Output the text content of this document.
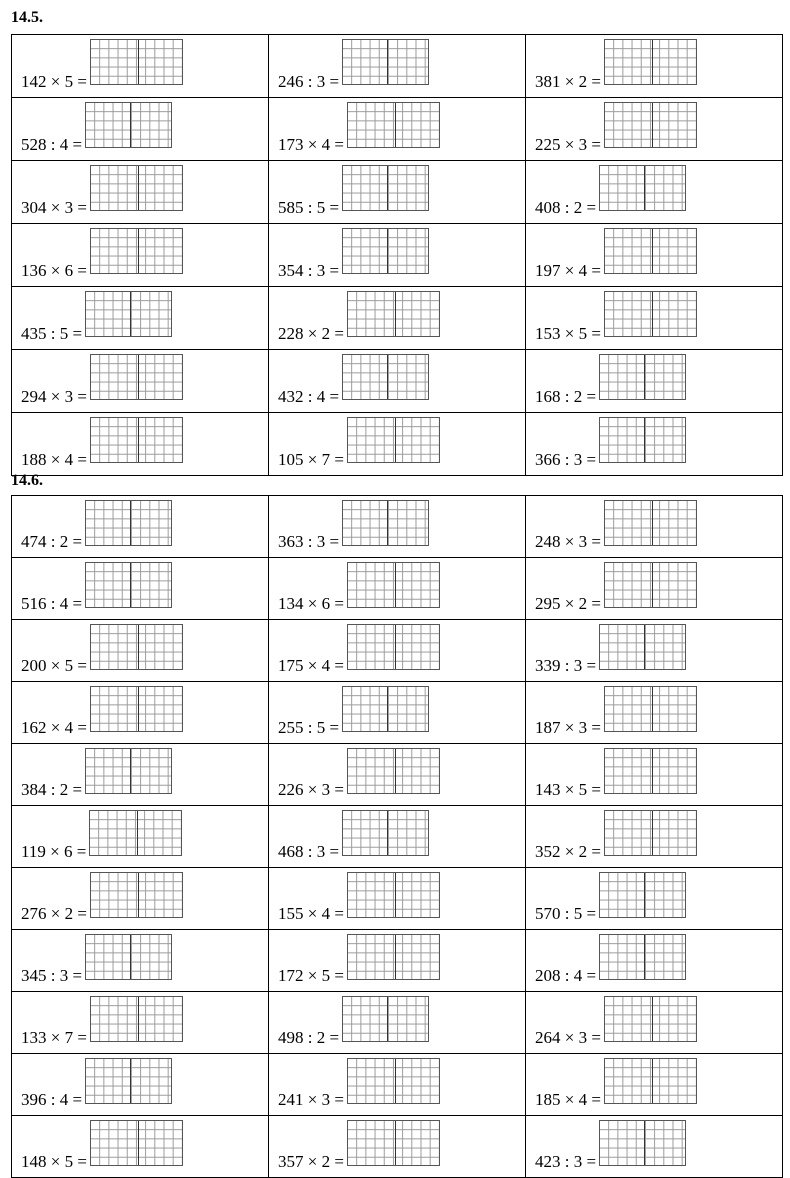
14.5.
142 × 5 =	246 : 3 =	381 × 2 =

528 : 4 =	173 × 4 =	225 × 3 =

304 × 3 =	585 : 5 =	408 : 2 =

136 × 6 =	354 : 3 =	197 × 4 =

435 : 5 =	228 × 2 =	153 × 5 =

294 × 3 =	432 : 4 =	168 : 2 =

188 × 4 =	105 × 7 =	366 : 3 =
14.6.
474 : 2 =	363 : 3 =	248 × 3 =

516 : 4 =	134 × 6 =	295 × 2 =

200 × 5 =	175 × 4 =	339 : 3 =

162 × 4 =	255 : 5 =	187 × 3 =

384 : 2 =	226 × 3 =	143 × 5 =

119 × 6 =	468 : 3 =	352 × 2 =

276 × 2 =	155 × 4 =	570 : 5 =

345 : 3 =	172 × 5 =	208 : 4 =

133 × 7 =	498 : 2 =	264 × 3 =

396 : 4 =	241 × 3 =	185 × 4 =

148 × 5 =	357 × 2 =	423 : 3 =
